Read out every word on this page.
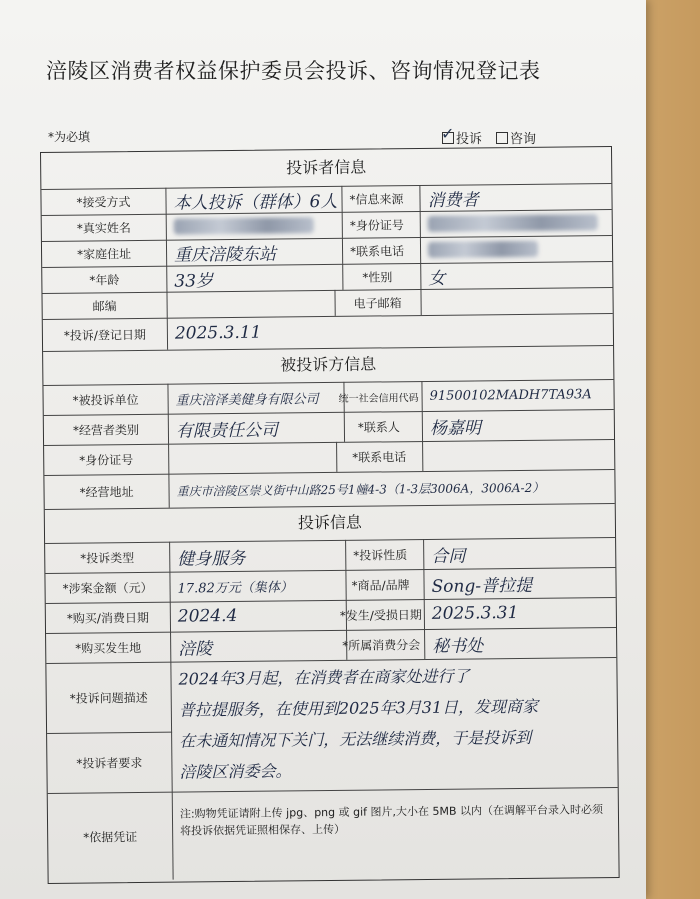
涪陵区消费者权益保护委员会投诉、咨询情况登记表
*为必填
✓	投诉 咨询
投诉者信息
*接受方式	本人投诉（群体）6人 *信息来源	消费者
*真实姓名	*身份证号
*家庭住址	重庆涪陵东站	*联系电话
*年龄	33岁	*性别	女
邮编	电子邮箱
*投诉/登记日期	2025.3.11
被投诉方信息
*被投诉单位	重庆涪泽美健身有限公司	统一社会信用代码 91500102MADH7TA93A
*经营者类别	有限责任公司	*联系人	杨嘉明
*身份证号	*联系电话
*经营地址	重庆市涪陵区崇义街中山路25号1幢4-3（1-3层3006A，3006A-2）
投诉信息
*投诉类型	健身服务	*投诉性质	合同
*涉案金额（元）	17.82万元（集体）	*商品/品牌	Song-普拉提
*购买/消费日期	2024.4	*发生/受损日期 2025.3.31
*购买发生地	涪陵	*所属消费分会 秘书处
*投诉问题描述
*投诉者要求
2024年3月起，在消费者在商家处进行了
普拉提服务，在使用到2025年3月31日，发现商家
在未通知情况下关门，无法继续消费，于是投诉到
涪陵区消委会。
*依据凭证
注:购物凭证请附上传 jpg、png 或 gif 图片,大小在 5MB 以内（在调解平台录入时必须将投诉依据凭证照相保存、上传）
